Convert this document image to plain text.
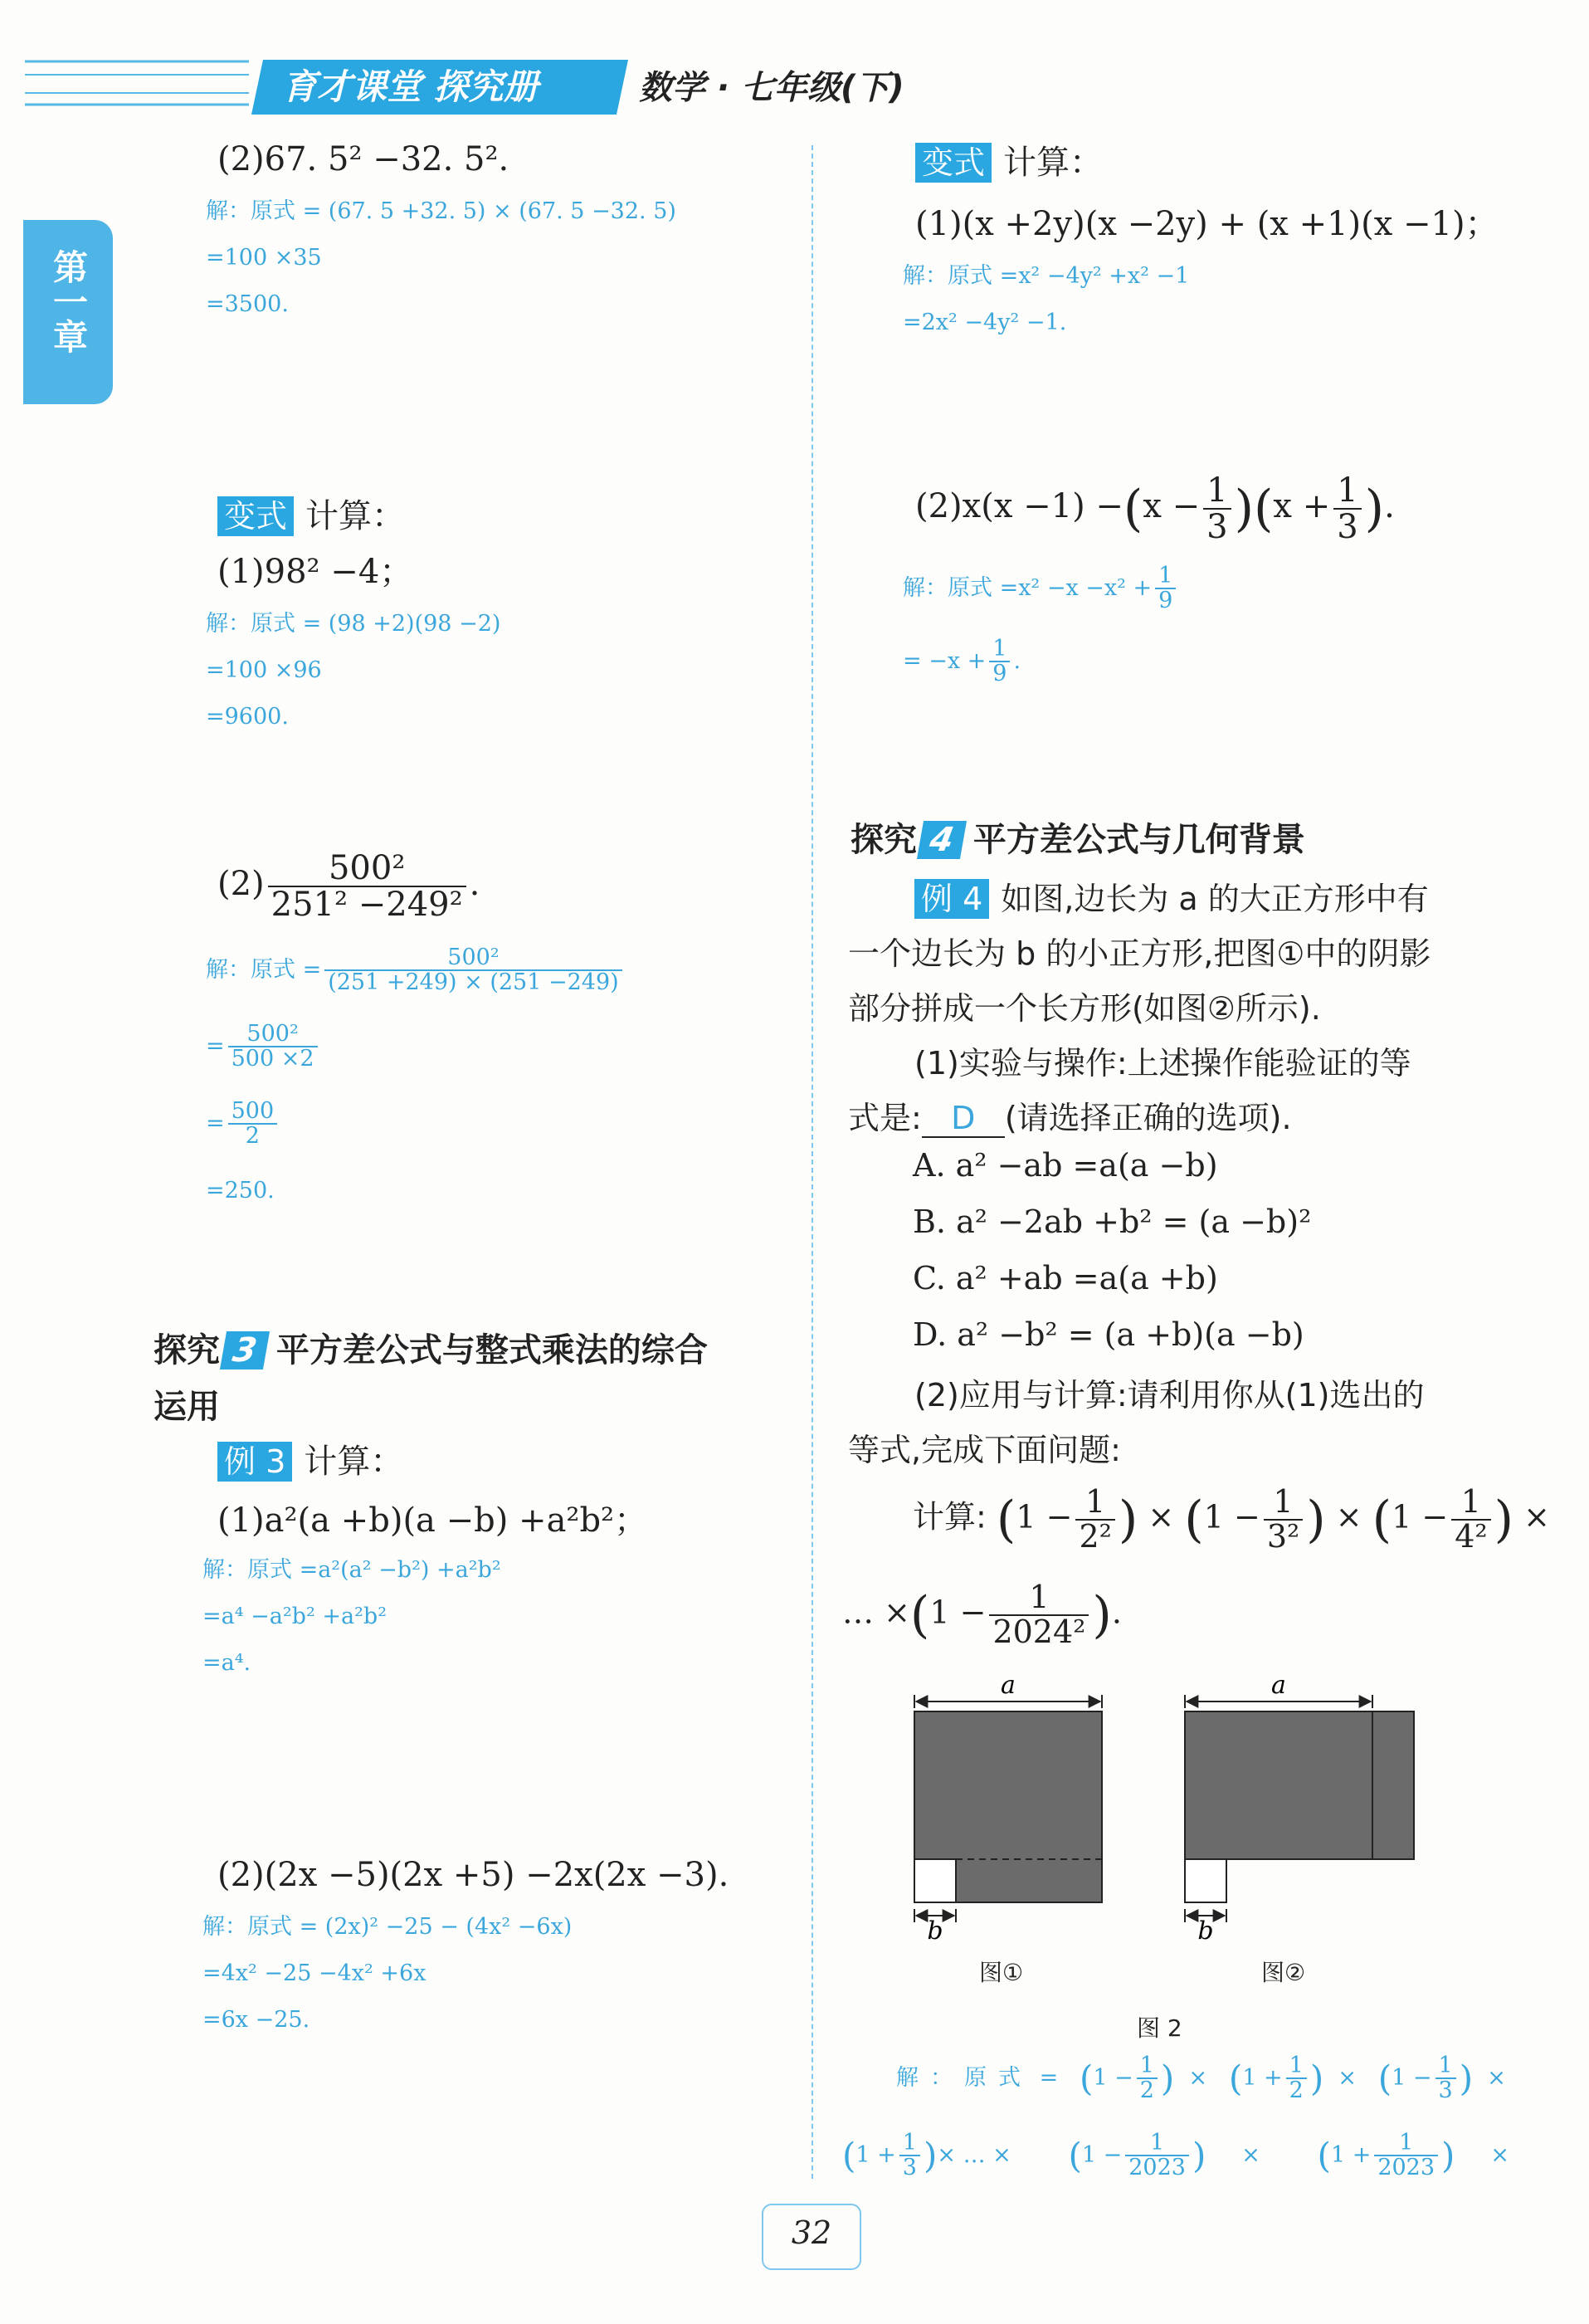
育才课堂 探究册	数学 · 七年级(下)
第一章
(2)67. 5² −32. 5².
解：原式 = (67. 5 +32. 5) × (67. 5 −32. 5)
=100 ×35
=3500.
变式 计算：
(1)98² −4；
解：原式 = (98 +2)(98 −2)
=100 ×96
=9600.
$(2) \frac{\text{500²}}{\text{251² −249²}}$ .
解：原式 = $\frac{\text{500²}}{(251 +249) \times (251 -249)}$
= $\frac{\text{500²}}{500 \times 2}$
= $\frac{500}{2}$
=250.
探究 3 平方差公式与整式乘法的综合
运用
例 3 计算：
(1)a²(a +b)(a −b) +a²b²；
解：原式 =a²(a² −b²) +a²b²
=a⁴ −a²b² +a²b²
=a⁴.
(2)(2x −5)(2x +5) −2x(2x −3).
解：原式 = (2x)² −25 − (4x² −6x)
=4x² −25 −4x² +6x
=6x −25.
变式 计算：
(1)(x +2y)(x −2y) + (x +1)(x −1)；
解：原式 =x² −4y² +x² −1
=2x² −4y² −1.
$(2)x(x -1) -(x - \frac{1}{3} )(x + \frac{1}{3}$ ).
解：原式 $=x^2 -x -x^2 + \frac{1}{9}$
= $-x + \frac{1}{9}$ .
探究 4 平方差公式与几何背景
例 4 如图,边长为 a 的大正方形中有
一个边长为 b 的小正方形,把图①中的阴影
部分拼成一个长方形(如图②所示).
(1)实验与操作:上述操作能验证的等
式是: D (请选择正确的选项).
A. a² −ab =a(a −b)
B. a² −2ab +b² = (a −b)²
C. a² +ab =a(a +b)
D. a² −b² = (a +b)(a −b)
(2)应用与计算:请利用你从(1)选出的
等式,完成下面问题:
计算: ($1 - \frac{1}{\text{2²}}$ ) × ($1 - \frac{1}{\text{3²}}$ ) × ($1 - \frac{1}{\text{4²}}$ ) ×
… $\times(1 - \frac{1}{\text{2024²}}$ ).
a
b
a
b
图①	图②
图 2
解：原式 =   ($1 - \frac{1}{2}$ )  ×   ($1 + \frac{1}{2}$ )  ×   ($1 - \frac{1}{3}$ )  ×
($1 + \frac{1}{3}$ )× … × ($1 - \frac{1}{2023}$ )     ×        ($1 + \frac{1}{2023}$ )     ×
32
